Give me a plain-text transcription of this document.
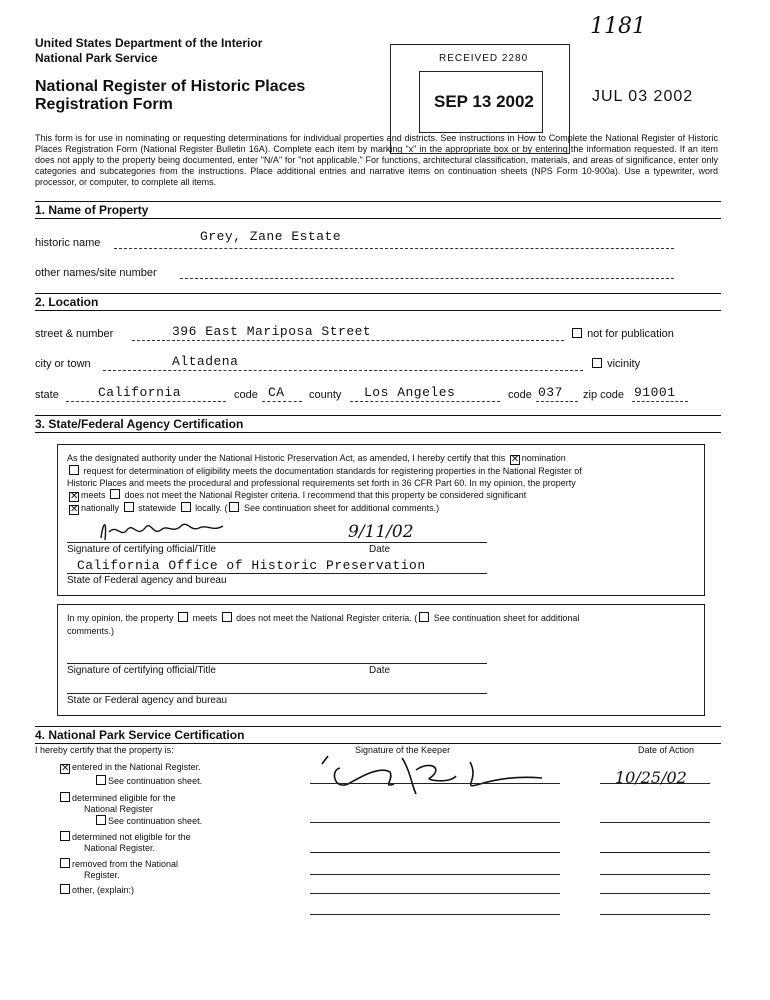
1181
RECEIVED 2280
SEP 13 2002	JUL 03 2002
United States Department of the Interior
National Park Service
National Register of Historic Places
Registration Form
This form is for use in nominating or requesting determinations for individual properties and districts. See instructions in How to Complete the National Register of Historic Places Registration Form (National Register Bulletin 16A). Complete each item by marking "x" in the appropriate box or by entering the information requested. If an item does not apply to the property being documented, enter "N/A" for "not applicable." For functions, architectural classification, materials, and areas of significance, enter only categories and subcategories from the instructions. Place additional entries and narrative items on continuation sheets (NPS Form 10-900a). Use a typewriter, word processor, or computer, to complete all items.
1. Name of Property
historic name	Grey, Zane Estate
other names/site number
2. Location
street & number	396 East Mariposa Street	not for publication
city or town	Altadena	vicinity
state	California	code CA county Los Angeles	code 037 zip code 91001
3. State/Federal Agency Certification
As the designated authority under the National Historic Preservation Act, as amended, I hereby certify that this ✕ nomination
request for determination of eligibility meets the documentation standards for registering properties in the National Register of
Historic Places and meets the procedural and professional requirements set forth in 36 CFR Part 60. In my opinion, the property
✕ meets does not meet the National Register criteria. I recommend that this property be considered significant
✕ nationally statewide locally. ( See continuation sheet for additional comments.)
9/11/02
Signature of certifying official/Title	Date
California Office of Historic Preservation
State of Federal agency and bureau
In my opinion, the property meets does not meet the National Register criteria. ( See continuation sheet for additional
comments.)
Signature of certifying official/Title	Date
State or Federal agency and bureau
4. National Park Service Certification
I hereby certify that the property is:	Signature of the Keeper	Date of Action
✕ entered in the National Register.
See continuation sheet.
determined eligible for the
National Register
See continuation sheet.
determined not eligible for the
National Register.
removed from the National
Register.
other, (explain:)
10/25/02
